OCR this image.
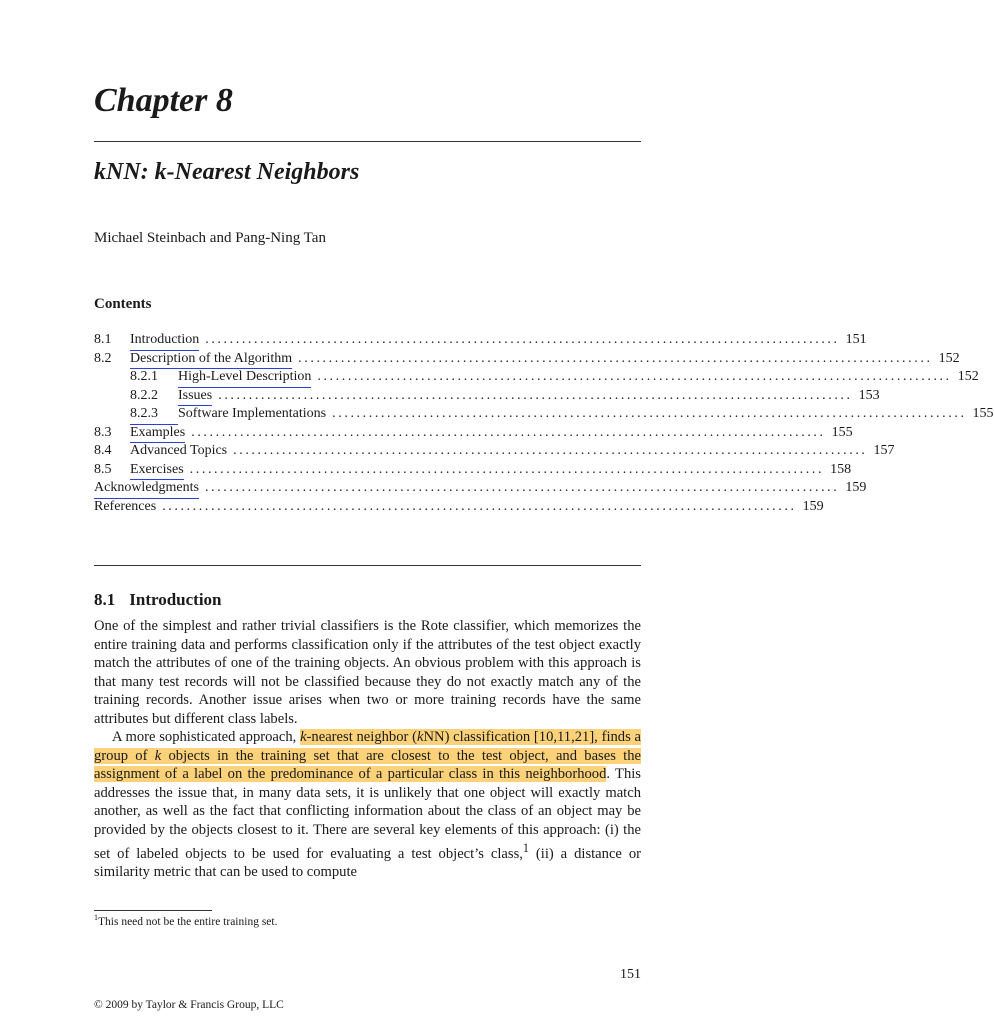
Chapter 8
kNN: k-Nearest Neighbors
Michael Steinbach and Pang-Ning Tan
Contents
8.1	Introduction ........................................................................................................ 151
8.2	Description of the Algorithm ........................................................................................................ 152
8.2.1	High-Level Description ........................................................................................................ 152
8.2.2	Issues ........................................................................................................ 153
8.2.3	Software Implementations ........................................................................................................ 155
8.3	Examples ........................................................................................................ 155
8.4	Advanced Topics ........................................................................................................ 157
8.5	Exercises ........................................................................................................ 158
Acknowledgments ........................................................................................................ 159
References ........................................................................................................ 159
8.1 Introduction

One of the simplest and rather trivial classifiers is the Rote classifier, which memorizes the entire training data and performs classification only if the attributes of the test object exactly match the attributes of one of the training objects. An obvious problem with this approach is that many test records will not be classified because they do not exactly match any of the training records. Another issue arises when two or more training records have the same attributes but different class labels.

A more sophisticated approach, k-nearest neighbor (kNN) classification [10,11,21], finds a group of k objects in the training set that are closest to the test object, and bases the assignment of a label on the predominance of a particular class in this neighborhood. This addresses the issue that, in many data sets, it is unlikely that one object will exactly match another, as well as the fact that conflicting information about the class of an object may be provided by the objects closest to it. There are several key elements of this approach: (i) the set of labeled objects to be used for evaluating a test object’s class,$^1$ (ii) a distance or similarity metric that can be used to compute

$^1$This need not be the entire training set.
151
© 2009 by Taylor & Francis Group, LLC
